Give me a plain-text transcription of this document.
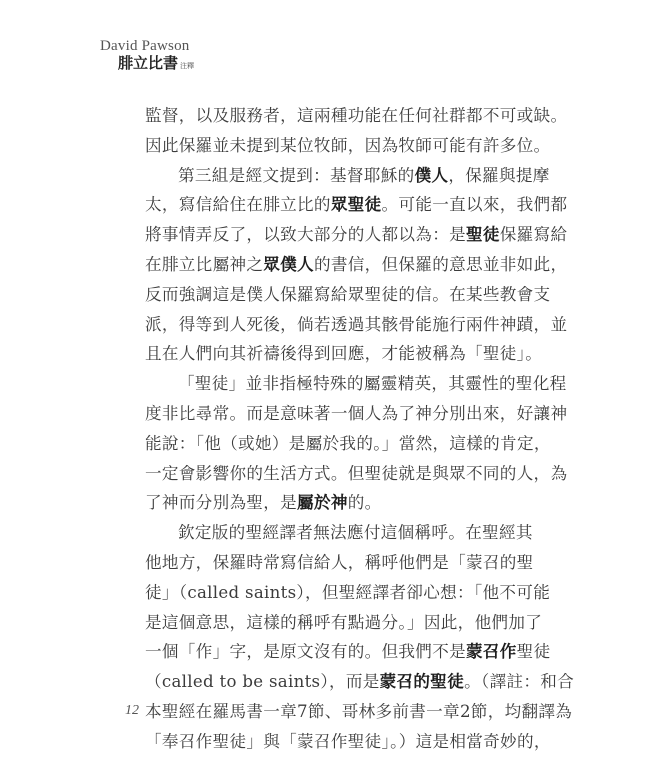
David Pawson
腓立比書 注釋
監督，以及服務者，這兩種功能在任何社群都不可或缺。
因此保羅並未提到某位牧師，因為牧師可能有許多位。
第三組是經文提到：基督耶穌的僕人，保羅與提摩
太，寫信給住在腓立比的眾聖徒。可能一直以來，我們都
將事情弄反了，以致大部分的人都以為：是聖徒保羅寫給
在腓立比屬神之眾僕人的書信，但保羅的意思並非如此，
反而強調這是僕人保羅寫給眾聖徒的信。在某些教會支
派，得等到人死後，倘若透過其骸骨能施行兩件神蹟，並
且在人們向其祈禱後得到回應，才能被稱為「聖徒」。
「聖徒」並非指極特殊的屬靈精英，其靈性的聖化程
度非比尋常。而是意味著一個人為了神分別出來，好讓神
能說：「他（或她）是屬於我的。」當然，這樣的肯定，
一定會影響你的生活方式。但聖徒就是與眾不同的人，為
了神而分別為聖，是屬於神的。
欽定版的聖經譯者無法應付這個稱呼。在聖經其
他地方，保羅時常寫信給人，稱呼他們是「蒙召的聖
徒」（called saints），但聖經譯者卻心想：「他不可能
是這個意思，這樣的稱呼有點過分。」因此，他們加了
一個「作」字，是原文沒有的。但我們不是蒙召作聖徒
（called to be saints），而是蒙召的聖徒。（譯註：和合
本聖經在羅馬書一章7節、哥林多前書一章2節，均翻譯為
「奉召作聖徒」與「蒙召作聖徒」。）這是相當奇妙的，
12
